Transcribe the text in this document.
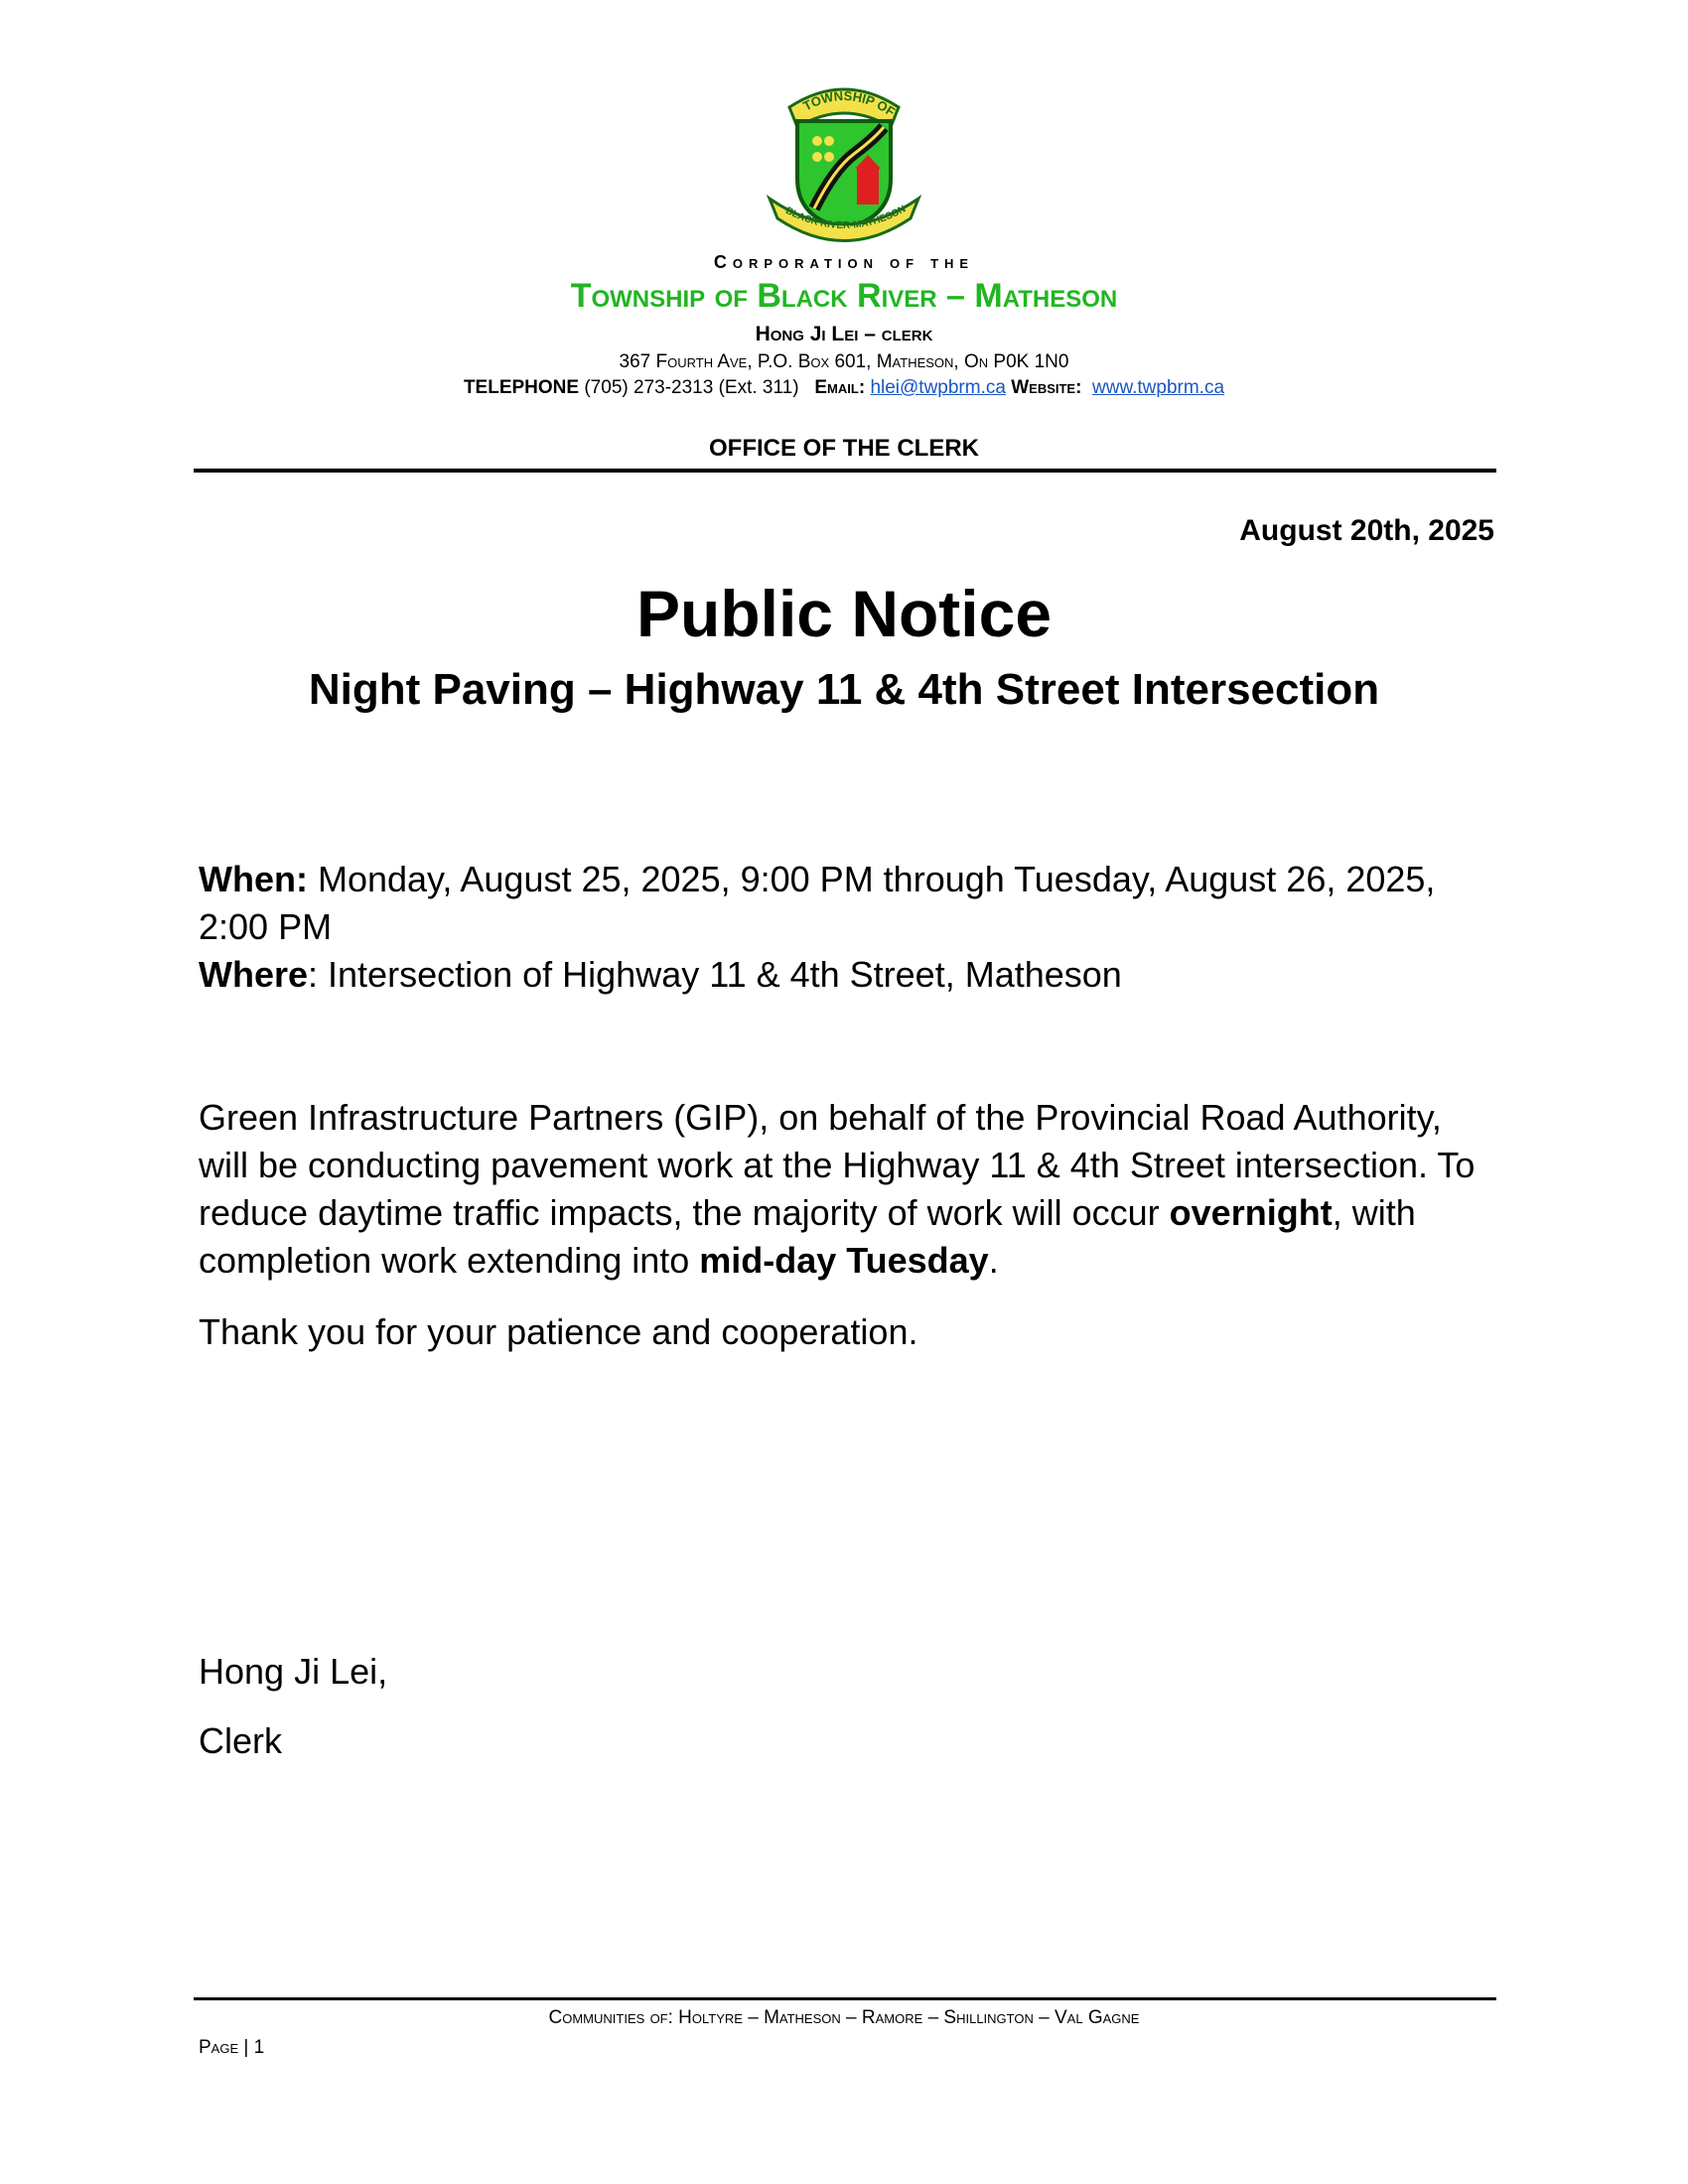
TOWNSHIP OF
BLACK RIVER-MATHESON
Corporation of the
Township of Black River – Matheson
Hong Ji Lei – clerk
367 Fourth Ave, P.O. Box 601, Matheson, On P0K 1N0
TELEPHONE (705) 273-2313 (Ext. 311) Email: hlei@twpbrm.ca Website: www.twpbrm.ca
OFFICE OF THE CLERK
August 20th, 2025
Public Notice
Night Paving – Highway 11 & 4th Street Intersection
When: Monday, August 25, 2025, 9:00 PM through Tuesday, August 26, 2025, 2:00 PM
Where: Intersection of Highway 11 & 4th Street, Matheson
Green Infrastructure Partners (GIP), on behalf of the Provincial Road Authority, will be conducting pavement work at the Highway 11 & 4th Street intersection. To reduce daytime traffic impacts, the majority of work will occur overnight, with completion work extending into mid-day Tuesday.
Thank you for your patience and cooperation.
Hong Ji Lei,
Clerk
Communities of: Holtyre – Matheson – Ramore – Shillington – Val Gagne
Page | 1
